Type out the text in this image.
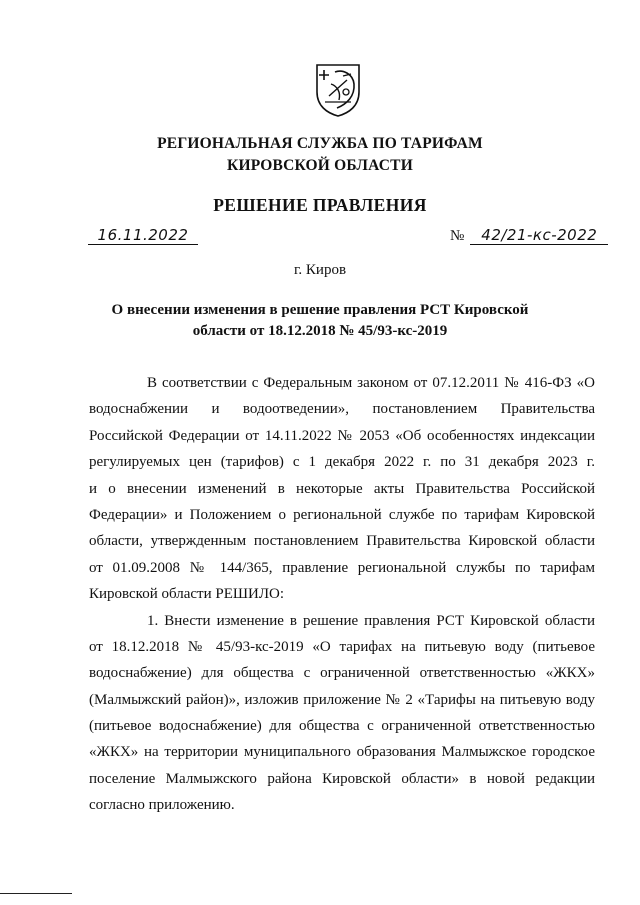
РЕГИОНАЛЬНАЯ СЛУЖБА ПО ТАРИФАМ
КИРОВСКОЙ ОБЛАСТИ
РЕШЕНИЕ ПРАВЛЕНИЯ
16.11.2022	№ 42/21-кс-2022
г. Киров
О внесении изменения в решение правления РСТ Кировской
области от 18.12.2018 № 45/93-кс-2019
В соответствии с Федеральным законом от 07.12.2011 № 416-ФЗ «О
водоснабжении и водоотведении», постановлением Правительства
Российской Федерации от 14.11.2022 № 2053 «Об особенностях индексации
регулируемых цен (тарифов) с 1 декабря 2022 г. по 31 декабря 2023 г.
и о внесении изменений в некоторые акты Правительства Российской
Федерации» и Положением о региональной службе по тарифам Кировской
области, утвержденным постановлением Правительства Кировской области
от 01.09.2008 № 144/365, правление региональной службы по тарифам
Кировской области РЕШИЛО:
1. Внести изменение в решение правления РСТ Кировской области
от 18.12.2018 № 45/93-кс-2019 «О тарифах на питьевую воду (питьевое
водоснабжение) для общества с ограниченной ответственностью «ЖКХ»
(Малмыжский район)», изложив приложение № 2 «Тарифы на питьевую воду
(питьевое водоснабжение) для общества с ограниченной ответственностью
«ЖКХ» на территории муниципального образования Малмыжское городское
поселение Малмыжского района Кировской области» в новой редакции
согласно приложению.
